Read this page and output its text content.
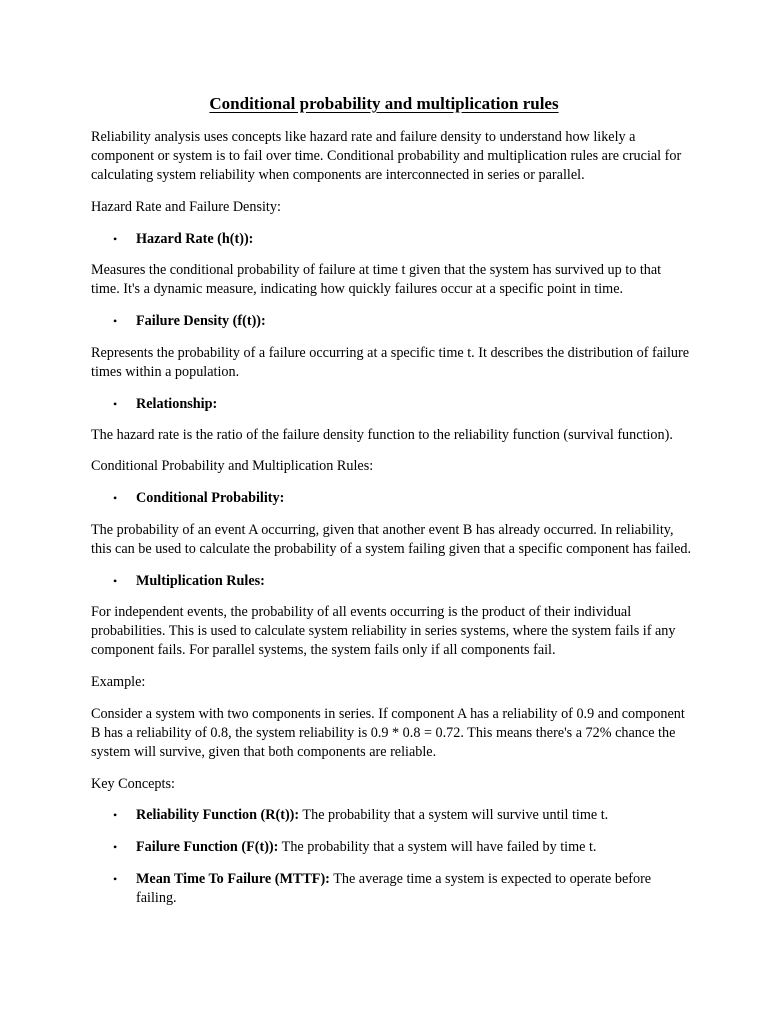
Conditional probability and multiplication rules

Reliability analysis uses concepts like hazard rate and failure density to understand how likely a
component or system is to fail over time. Conditional probability and multiplication rules are crucial for
calculating system reliability when components are interconnected in series or parallel.

Hazard Rate and Failure Density:

• Hazard Rate (h(t)):

Measures the conditional probability of failure at time t given that the system has survived up to that
time. It's a dynamic measure, indicating how quickly failures occur at a specific point in time.

• Failure Density (f(t)):

Represents the probability of a failure occurring at a specific time t. It describes the distribution of failure
times within a population.

• Relationship:

The hazard rate is the ratio of the failure density function to the reliability function (survival function).

Conditional Probability and Multiplication Rules:

• Conditional Probability:

The probability of an event A occurring, given that another event B has already occurred. In reliability,
this can be used to calculate the probability of a system failing given that a specific component has failed.

• Multiplication Rules:

For independent events, the probability of all events occurring is the product of their individual
probabilities. This is used to calculate system reliability in series systems, where the system fails if any
component fails. For parallel systems, the system fails only if all components fail.

Example:

Consider a system with two components in series. If component A has a reliability of 0.9 and component
B has a reliability of 0.8, the system reliability is 0.9 * 0.8 = 0.72. This means there's a 72% chance the
system will survive, given that both components are reliable.

Key Concepts:

• Reliability Function (R(t)): The probability that a system will survive until time t.
• Failure Function (F(t)): The probability that a system will have failed by time t.
• Mean Time To Failure (MTTF): The average time a system is expected to operate before
failing.
